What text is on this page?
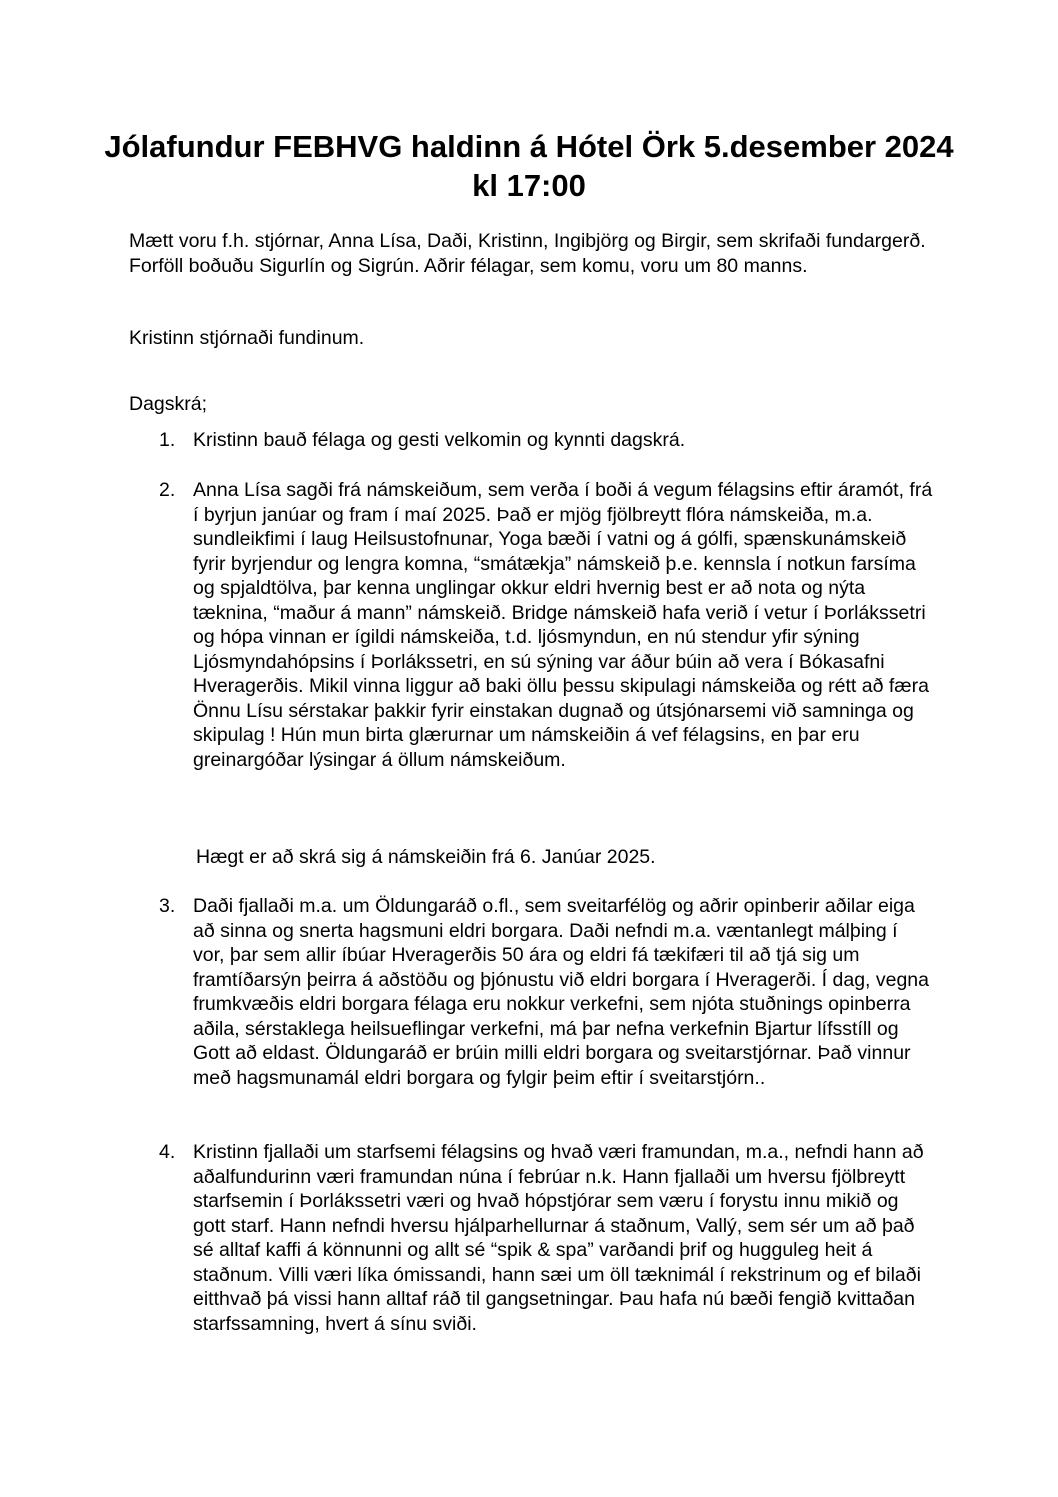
Jólafundur FEBHVG haldinn á Hótel Örk 5.desember 2024 kl 17:00

Mætt voru f.h. stjórnar, Anna Lísa, Daði, Kristinn, Ingibjörg og Birgir, sem skrifaði fundargerð. Forföll boðuðu Sigurlín og Sigrún. Aðrir félagar, sem komu, voru um 80 manns.

Kristinn stjórnaði fundinum.

Dagskrá;

1. Kristinn bauð félaga og gesti velkomin og kynnti dagskrá.

2. Anna Lísa sagði frá námskeiðum, sem verða í boði á vegum félagsins eftir áramót, frá í byrjun janúar og fram í maí 2025. Það er mjög fjölbreytt flóra námskeiða, m.a. sundleikfimi í laug Heilsustofnunar, Yoga bæði í vatni og á gólfi, spænskunámskeið fyrir byrjendur og lengra komna, “smátækja” námskeið þ.e. kennsla í notkun farsíma og spjaldtölva, þar kenna unglingar okkur eldri hvernig best er að nota og nýta tæknina, “maður á mann” námskeið. Bridge námskeið hafa verið í vetur í Þorlákssetri og hópa vinnan er ígildi námskeiða, t.d. ljósmyndun, en nú stendur yfir sýning Ljósmyndahópsins í Þorlákssetri, en sú sýning var áður búin að vera í Bókasafni Hveragerðis. Mikil vinna liggur að baki öllu þessu skipulagi námskeiða og rétt að færa Önnu Lísu sérstakar þakkir fyrir einstakan dugnað og útsjónarsemi við samninga og skipulag ! Hún mun birta glærurnar um námskeiðin á vef félagsins, en þar eru greinargóðar lýsingar á öllum námskeiðum.

Hægt er að skrá sig á námskeiðin frá 6. Janúar 2025.

3. Daði fjallaði m.a. um Öldungaráð o.fl., sem sveitarfélög og aðrir opinberir aðilar eiga að sinna og snerta hagsmuni eldri borgara. Daði nefndi m.a. væntanlegt málþing í vor, þar sem allir íbúar Hveragerðis 50 ára og eldri fá tækifæri til að tjá sig um framtíðarsýn þeirra á aðstöðu og þjónustu við eldri borgara í Hveragerði. Í dag, vegna frumkvæðis eldri borgara félaga eru nokkur verkefni, sem njóta stuðnings opinberra aðila, sérstaklega heilsueflingar verkefni, má þar nefna verkefnin Bjartur lífsstíll og Gott að eldast. Öldungaráð er brúin milli eldri borgara og sveitarstjórnar. Það vinnur með hagsmunamál eldri borgara og fylgir þeim eftir í sveitarstjórn..

4. Kristinn fjallaði um starfsemi félagsins og hvað væri framundan, m.a., nefndi hann að aðalfundurinn væri framundan núna í febrúar n.k. Hann fjallaði um hversu fjölbreytt starfsemin í Þorlákssetri væri og hvað hópstjórar sem væru í forystu innu mikið og gott starf. Hann nefndi hversu hjálparhellurnar á staðnum, Vallý, sem sér um að það sé alltaf kaffi á könnunni og allt sé “spik & spa” varðandi þrif og hugguleg heit á staðnum. Villi væri líka ómissandi, hann sæi um öll tæknimál í rekstrinum og ef bilaði eitthvað þá vissi hann alltaf ráð til gangsetningar. Þau hafa nú bæði fengið kvittaðan starfssamning, hvert á sínu sviði.
